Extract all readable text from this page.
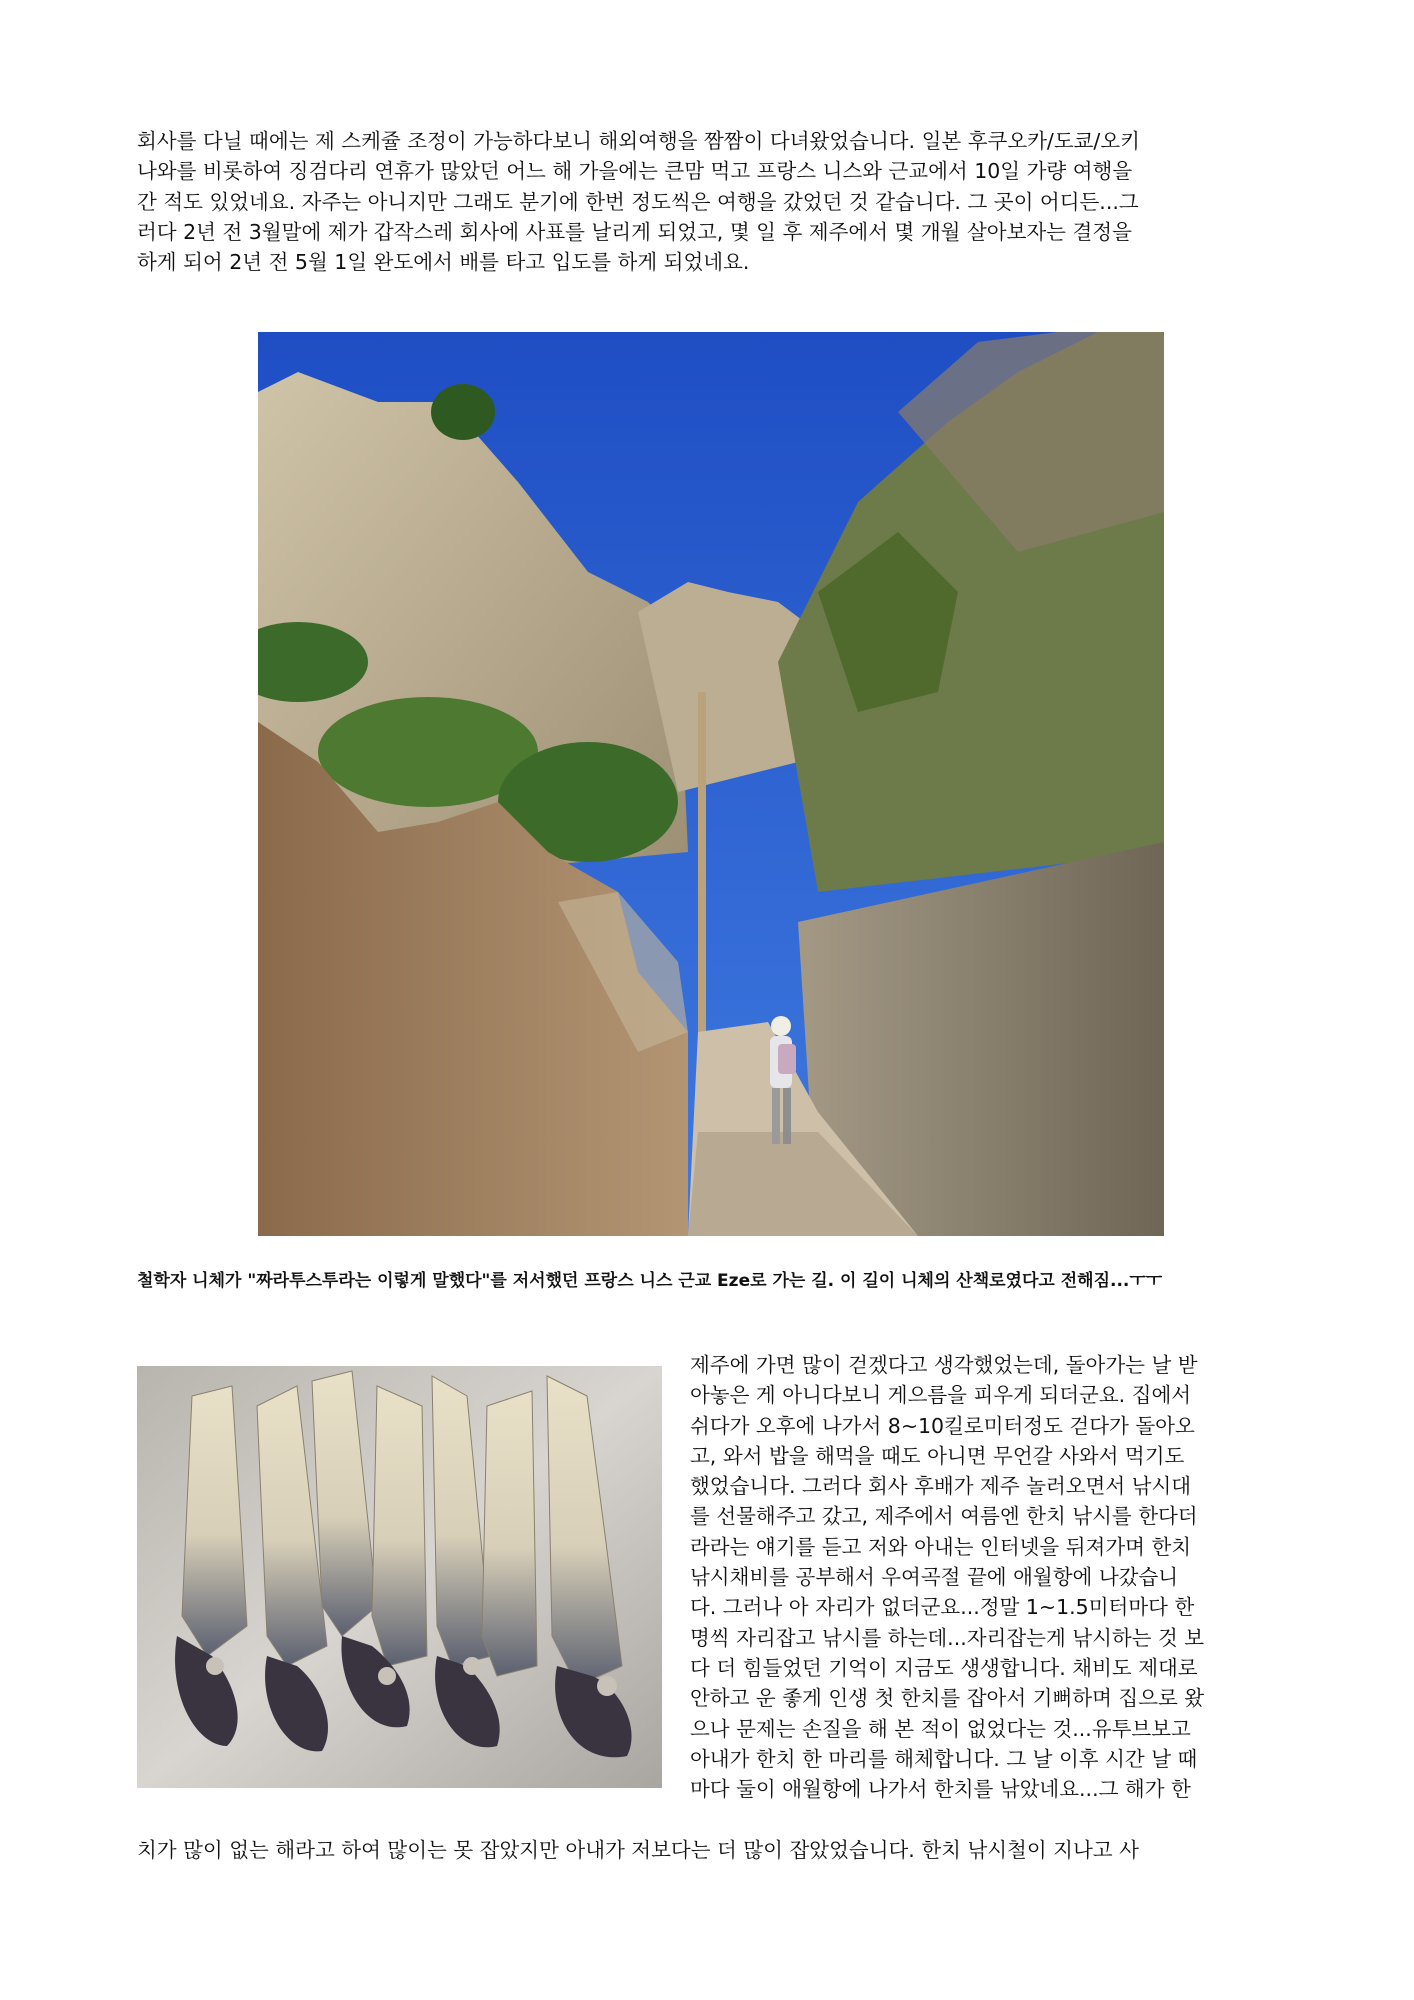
회사를 다닐 때에는 제 스케쥴 조정이 가능하다보니 해외여행을 짬짬이 다녀왔었습니다. 일본 후쿠오카/도쿄/오키

나와를 비롯하여 징검다리 연휴가 많았던 어느 해 가을에는 큰맘 먹고 프랑스 니스와 근교에서 10일 가량 여행을

간 적도 있었네요. 자주는 아니지만 그래도 분기에 한번 정도씩은 여행을 갔었던 것 같습니다. 그 곳이 어디든...그

러다 2년 전 3월말에 제가 갑작스레 회사에 사표를 날리게 되었고, 몇 일 후 제주에서 몇 개월 살아보자는 결정을

하게 되어 2년 전 5월 1일 완도에서 배를 타고 입도를 하게 되었네요.

철학자 니체가 "짜라투스투라는 이렇게 말했다"를 저서했던 프랑스 니스 근교 Eze로 가는 길. 이 길이 니체의 산책로였다고 전해짐...ㅜㅜ

제주에 가면 많이 걷겠다고 생각했었는데, 돌아가는 날 받

아놓은 게 아니다보니 게으름을 피우게 되더군요. 집에서

쉬다가 오후에 나가서 8~10킬로미터정도 걷다가 돌아오

고, 와서 밥을 해먹을 때도 아니면 무언갈 사와서 먹기도

했었습니다. 그러다 회사 후배가 제주 놀러오면서 낚시대

를 선물해주고 갔고, 제주에서 여름엔 한치 낚시를 한다더

라라는 얘기를 듣고 저와 아내는 인터넷을 뒤져가며 한치

낚시채비를 공부해서 우여곡절 끝에 애월항에 나갔습니

다. 그러나 아 자리가 없더군요...정말 1~1.5미터마다 한

명씩 자리잡고 낚시를 하는데...자리잡는게 낚시하는 것 보

다 더 힘들었던 기억이 지금도 생생합니다. 채비도 제대로

안하고 운 좋게 인생 첫 한치를 잡아서 기뻐하며 집으로 왔

으나 문제는 손질을 해 본 적이 없었다는 것...유투브보고

아내가 한치 한 마리를 해체합니다. 그 날 이후 시간 날 때

마다 둘이 애월항에 나가서 한치를 낚았네요...그 해가 한

치가 많이 없는 해라고 하여 많이는 못 잡았지만 아내가 저보다는 더 많이 잡았었습니다. 한치 낚시철이 지나고 사
